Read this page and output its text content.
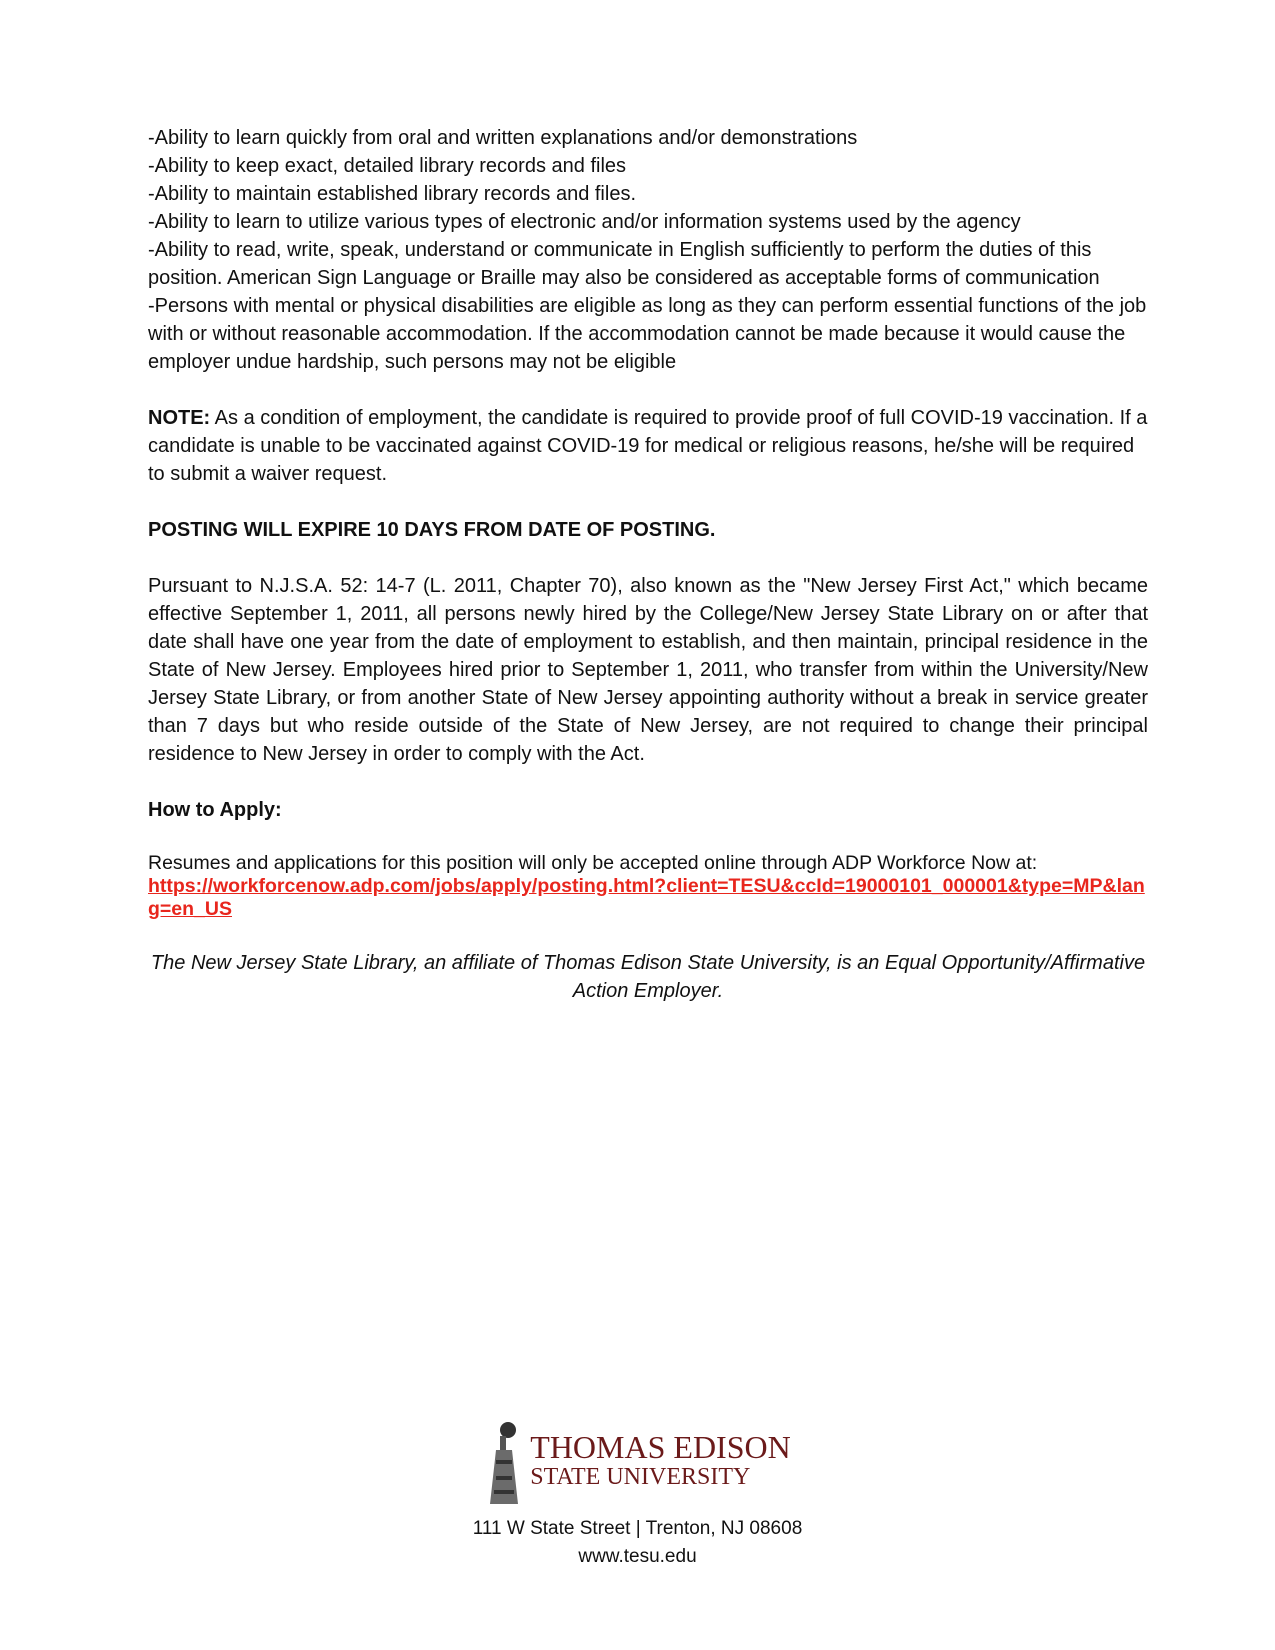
-Ability to learn quickly from oral and written explanations and/or demonstrations
-Ability to keep exact, detailed library records and files
-Ability to maintain established library records and files.
-Ability to learn to utilize various types of electronic and/or information systems used by the agency
-Ability to read, write, speak, understand or communicate in English sufficiently to perform the duties of this position. American Sign Language or Braille may also be considered as acceptable forms of communication
-Persons with mental or physical disabilities are eligible as long as they can perform essential functions of the job with or without reasonable accommodation. If the accommodation cannot be made because it would cause the employer undue hardship, such persons may not be eligible

NOTE: As a condition of employment, the candidate is required to provide proof of full COVID-19 vaccination. If a candidate is unable to be vaccinated against COVID-19 for medical or religious reasons, he/she will be required to submit a waiver request.

POSTING WILL EXPIRE 10 DAYS FROM DATE OF POSTING.

Pursuant to N.J.S.A. 52: 14-7 (L. 2011, Chapter 70), also known as the "New Jersey First Act," which became effective September 1, 2011, all persons newly hired by the College/New Jersey State Library on or after that date shall have one year from the date of employment to establish, and then maintain, principal residence in the State of New Jersey. Employees hired prior to September 1, 2011, who transfer from within the University/New Jersey State Library, or from another State of New Jersey appointing authority without a break in service greater than 7 days but who reside outside of the State of New Jersey, are not required to change their principal residence to New Jersey in order to comply with the Act.

How to Apply:

Resumes and applications for this position will only be accepted online through ADP Workforce Now at:

https://workforcenow.adp.com/jobs/apply/posting.html?client=TESU&ccId=19000101_000001&type=MP&lang=en_US

The New Jersey State Library, an affiliate of Thomas Edison State University, is an Equal Opportunity/Affirmative Action Employer.

THOMAS EDISON
STATE UNIVERSITY
111 W State Street | Trenton, NJ 08608
www.tesu.edu
